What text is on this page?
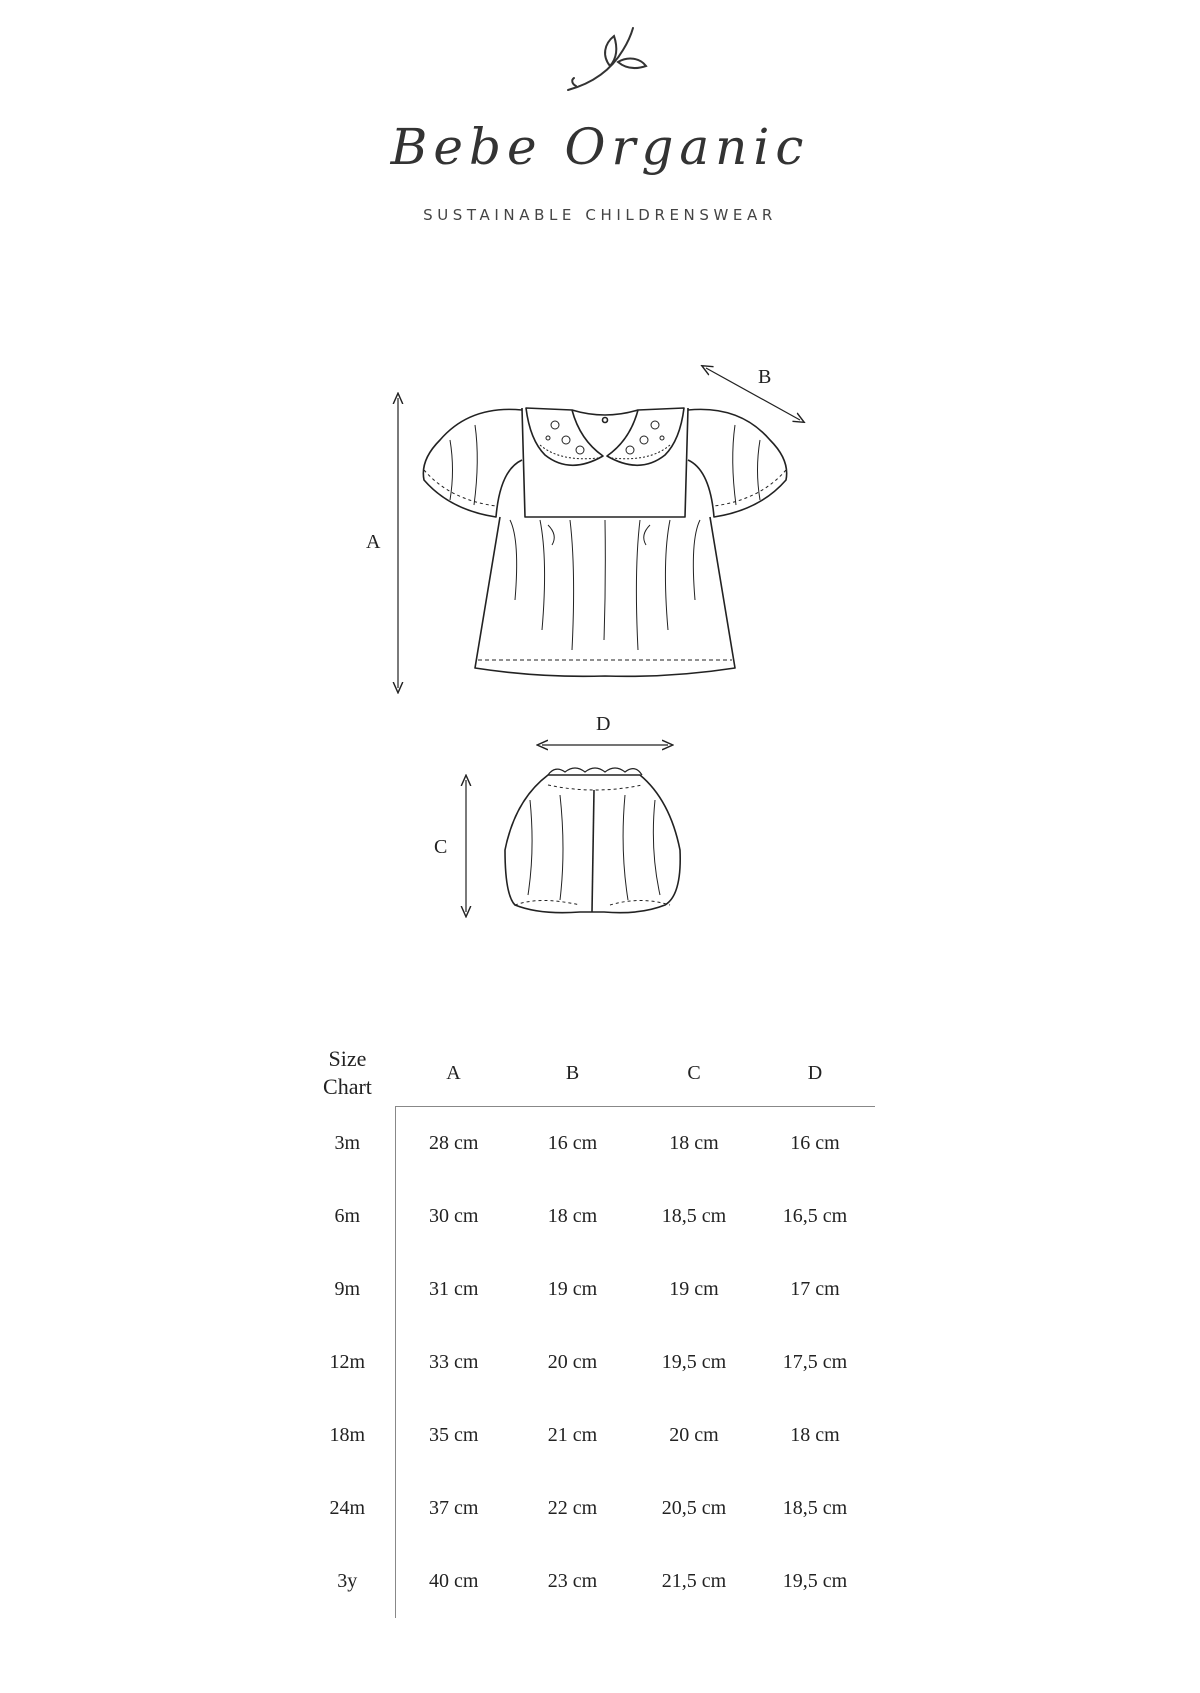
Bebe Organic
SUSTAINABLE CHILDRENSWEAR
A
B
D
C
Size
Chart	A	B	C	D
3m	28 cm	16 cm	18 cm	16 cm
6m	30 cm	18 cm	18,5 cm	16,5 cm
9m	31 cm	19 cm	19 cm	17 cm
12m	33 cm	20 cm	19,5 cm	17,5 cm
18m	35 cm	21 cm	20 cm	18 cm
24m	37 cm	22 cm	20,5 cm	18,5 cm
3y	40 cm	23 cm	21,5 cm	19,5 cm
